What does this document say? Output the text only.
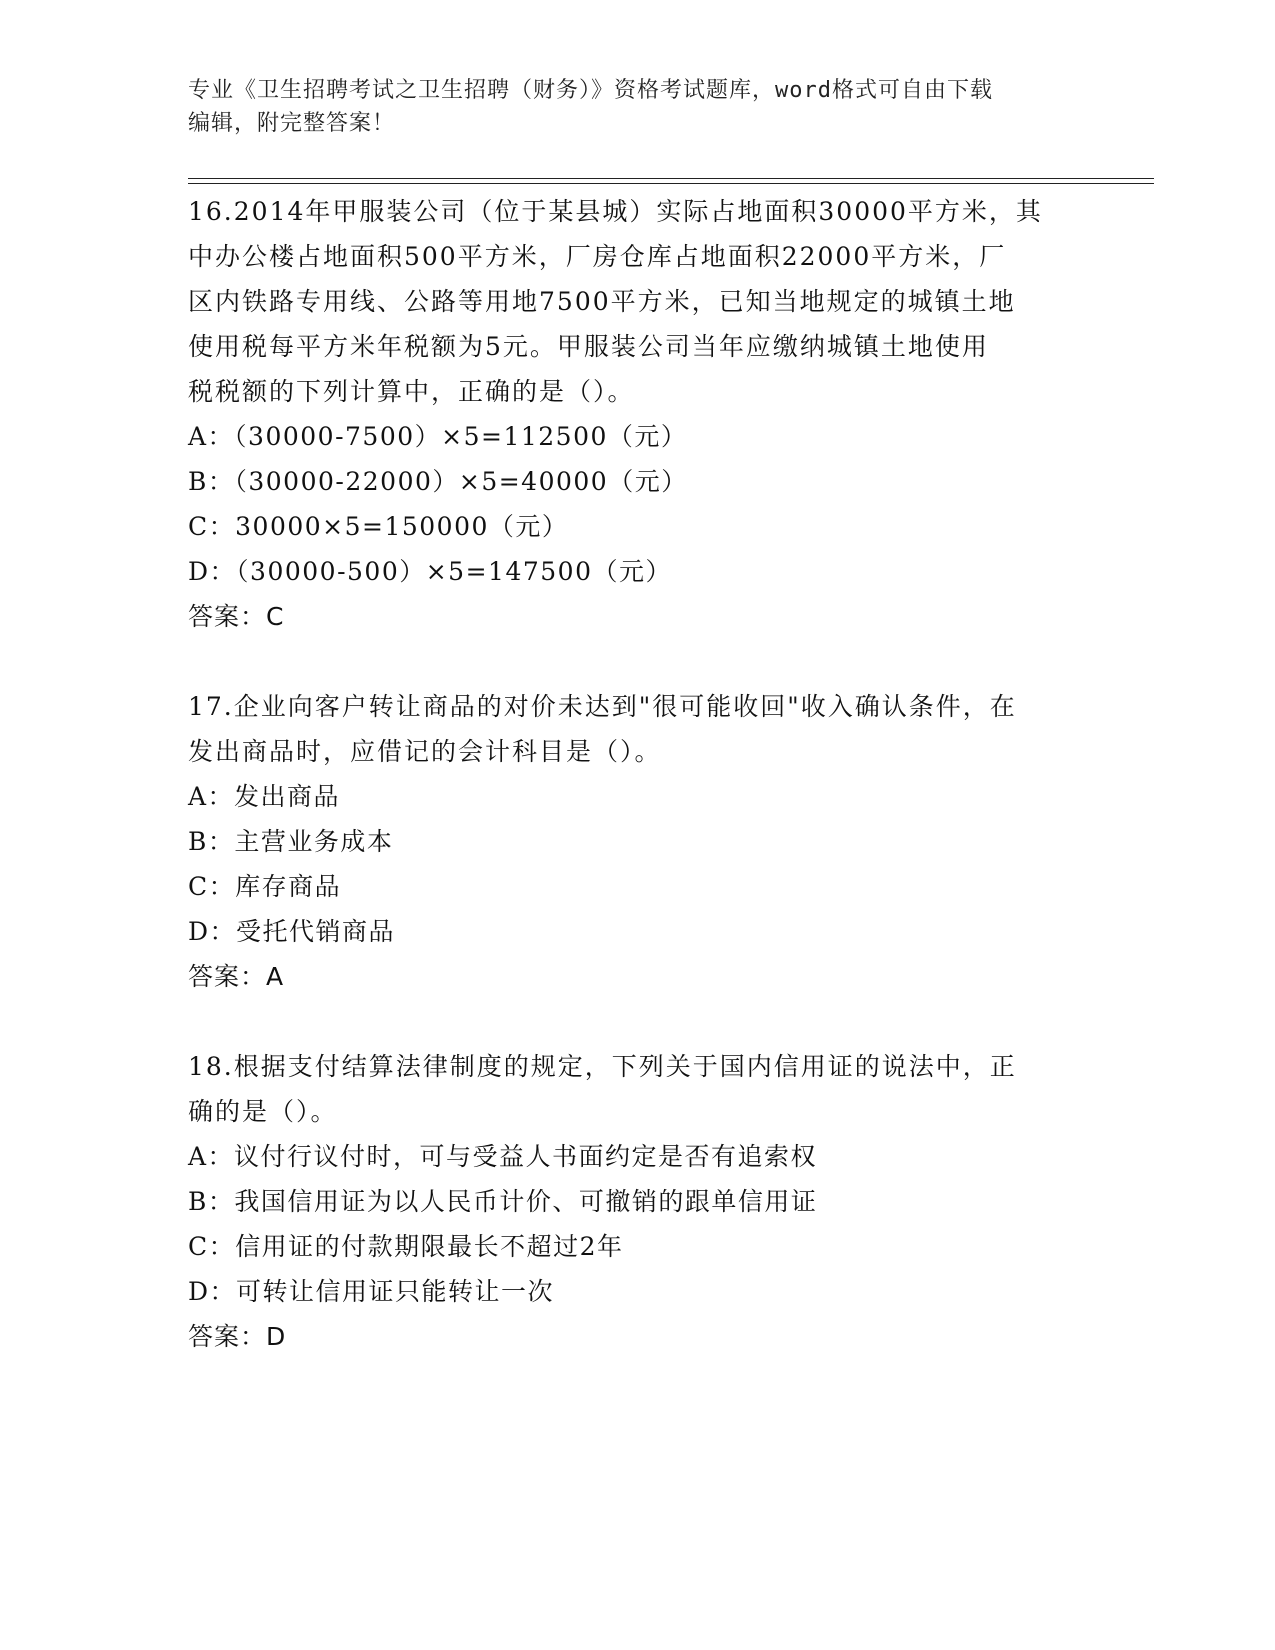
专业《卫生招聘考试之卫生招聘（财务）》资格考试题库，word格式可自由下载
编辑，附完整答案！
16.2014年甲服装公司（位于某县城）实际占地面积30000平方米，其
中办公楼占地面积500平方米，厂房仓库占地面积22000平方米，厂
区内铁路专用线、公路等用地7500平方米，已知当地规定的城镇土地
使用税每平方米年税额为5元。甲服装公司当年应缴纳城镇土地使用
税税额的下列计算中，正确的是（）。
A：（30000-7500）×5=112500（元）
B：（30000-22000）×5=40000（元）
C：30000×5=150000（元）
D：（30000-500）×5=147500（元）
答案：C
17.企业向客户转让商品的对价未达到"很可能收回"收入确认条件，在
发出商品时，应借记的会计科目是（）。
A：发出商品
B：主营业务成本
C：库存商品
D：受托代销商品
答案：A
18.根据支付结算法律制度的规定，下列关于国内信用证的说法中，正
确的是（）。
A：议付行议付时，可与受益人书面约定是否有追索权
B：我国信用证为以人民币计价、可撤销的跟单信用证
C：信用证的付款期限最长不超过2年
D：可转让信用证只能转让一次
答案：D
